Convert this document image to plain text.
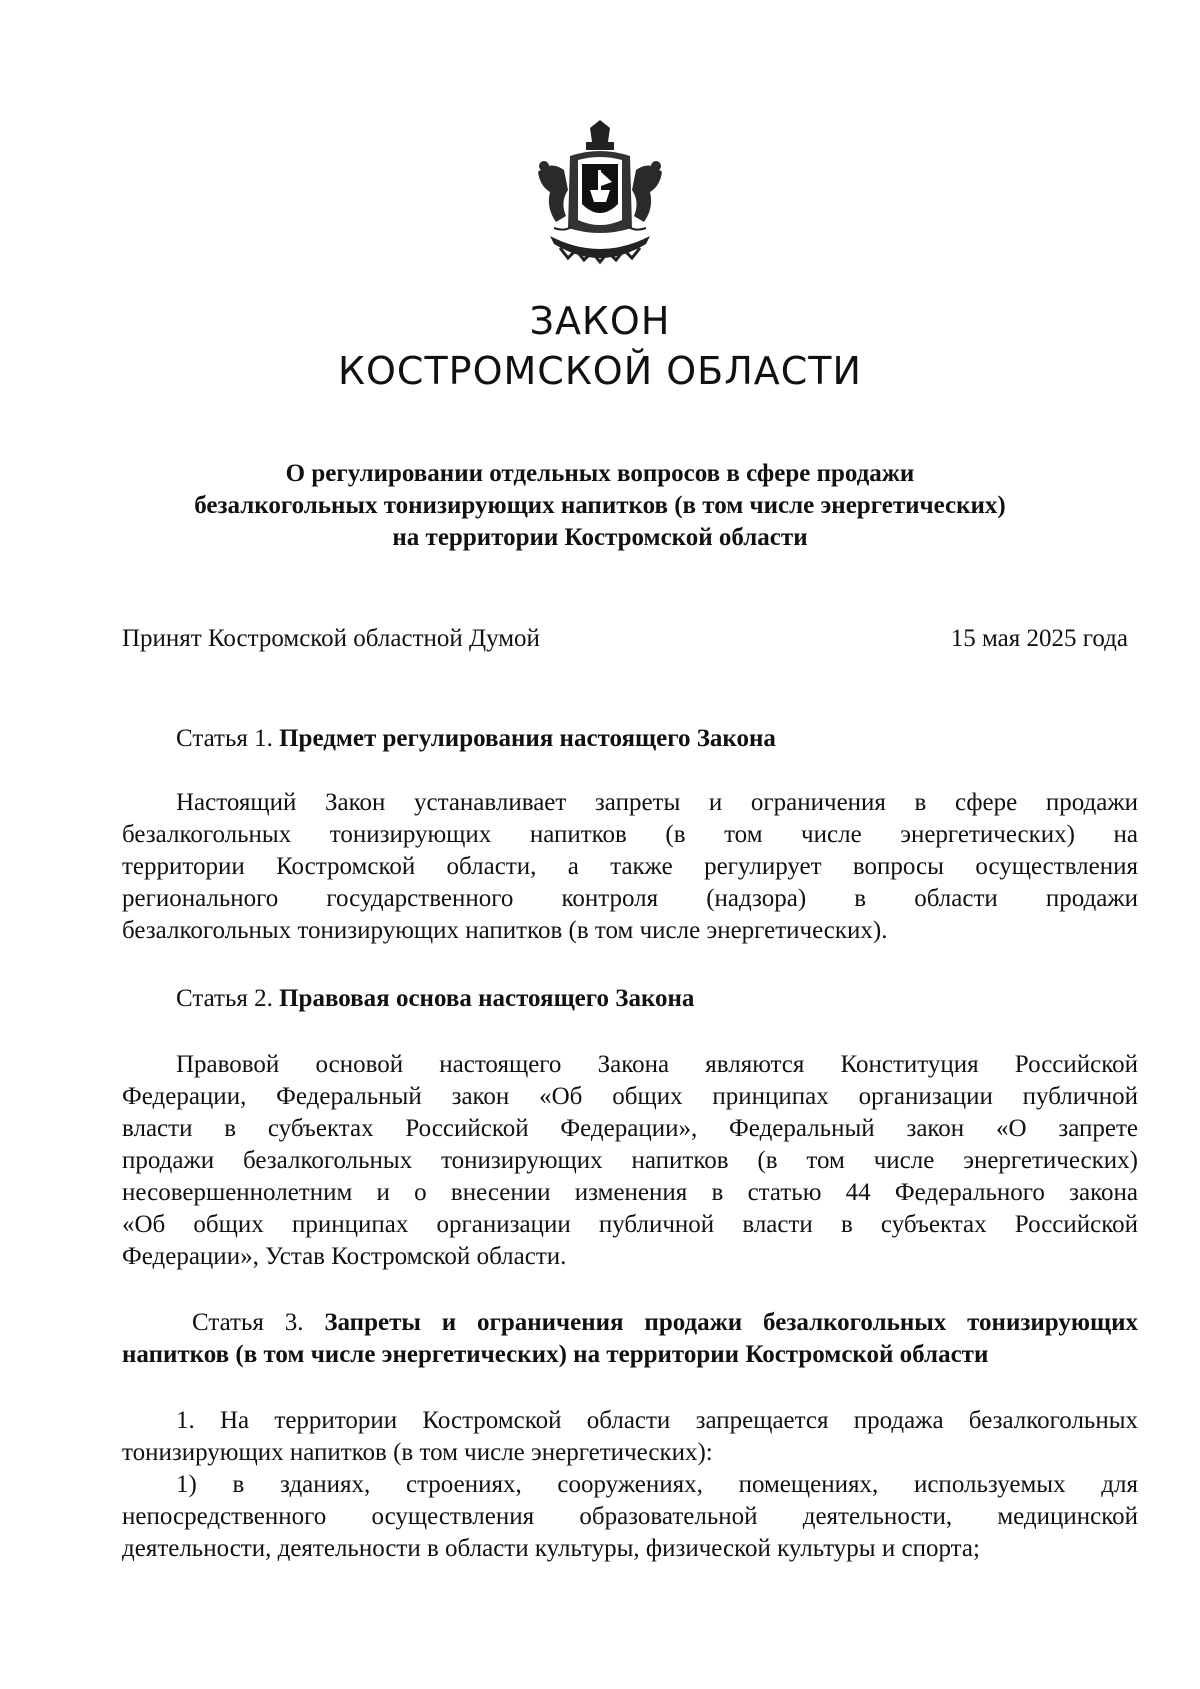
ЗАКОН
КОСТРОМСКОЙ ОБЛАСТИ
О регулировании отдельных вопросов в сфере продажи
безалкогольных тонизирующих напитков (в том числе энергетических)
на территории Костромской области
Принят Костромской областной Думой	15 мая 2025 года
Статья 1. Предмет регулирования настоящего Закона
Настоящий Закон устанавливает запреты и ограничения в сфере продажи
безалкогольных тонизирующих напитков (в том числе энергетических) на
территории Костромской области, а также регулирует вопросы осуществления
регионального государственного контроля (надзора) в области продажи
безалкогольных тонизирующих напитков (в том числе энергетических).
Статья 2. Правовая основа настоящего Закона
Правовой основой настоящего Закона являются Конституция Российской
Федерации, Федеральный закон «Об общих принципах организации публичной
власти в субъектах Российской Федерации», Федеральный закон «О запрете
продажи безалкогольных тонизирующих напитков (в том числе энергетических)
несовершеннолетним и о внесении изменения в статью 44 Федерального закона
«Об общих принципах организации публичной власти в субъектах Российской
Федерации», Устав Костромской области.
Статья 3. Запреты и ограничения продажи безалкогольных тонизирующих
напитков (в том числе энергетических) на территории Костромской области
1. На территории Костромской области запрещается продажа безалкогольных
тонизирующих напитков (в том числе энергетических):
1) в зданиях, строениях, сооружениях, помещениях, используемых для
непосредственного осуществления образовательной деятельности, медицинской
деятельности, деятельности в области культуры, физической культуры и спорта;
